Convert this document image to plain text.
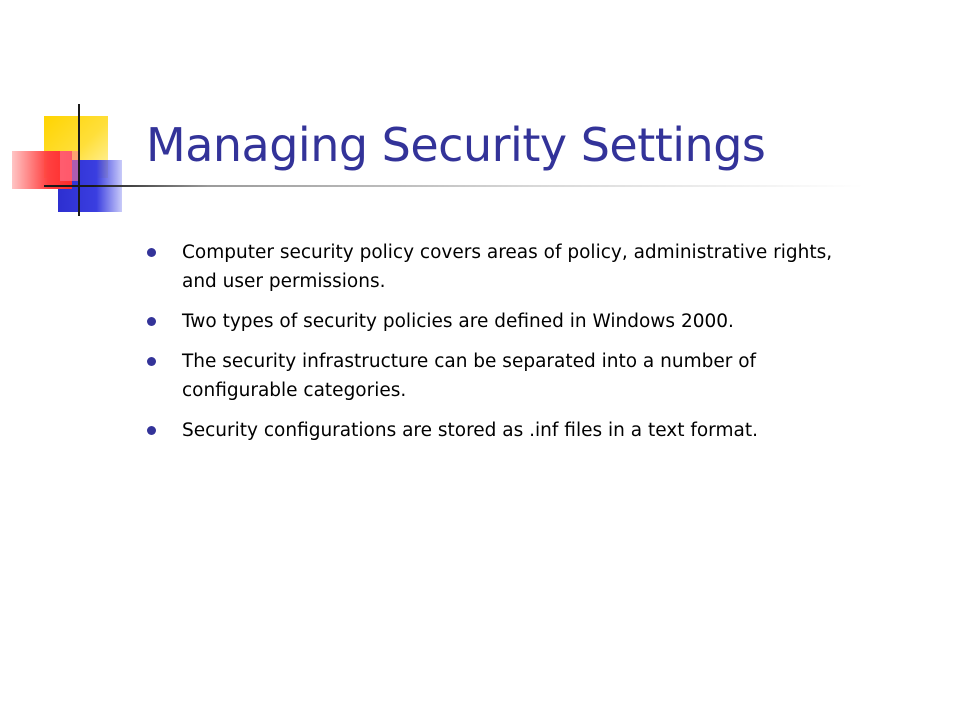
Managing Security Settings
Computer security policy covers areas of policy, administrative rights, and user permissions.
Two types of security policies are defined in Windows 2000.
The security infrastructure can be separated into a number of configurable categories.
Security configurations are stored as .inf files in a text format.
